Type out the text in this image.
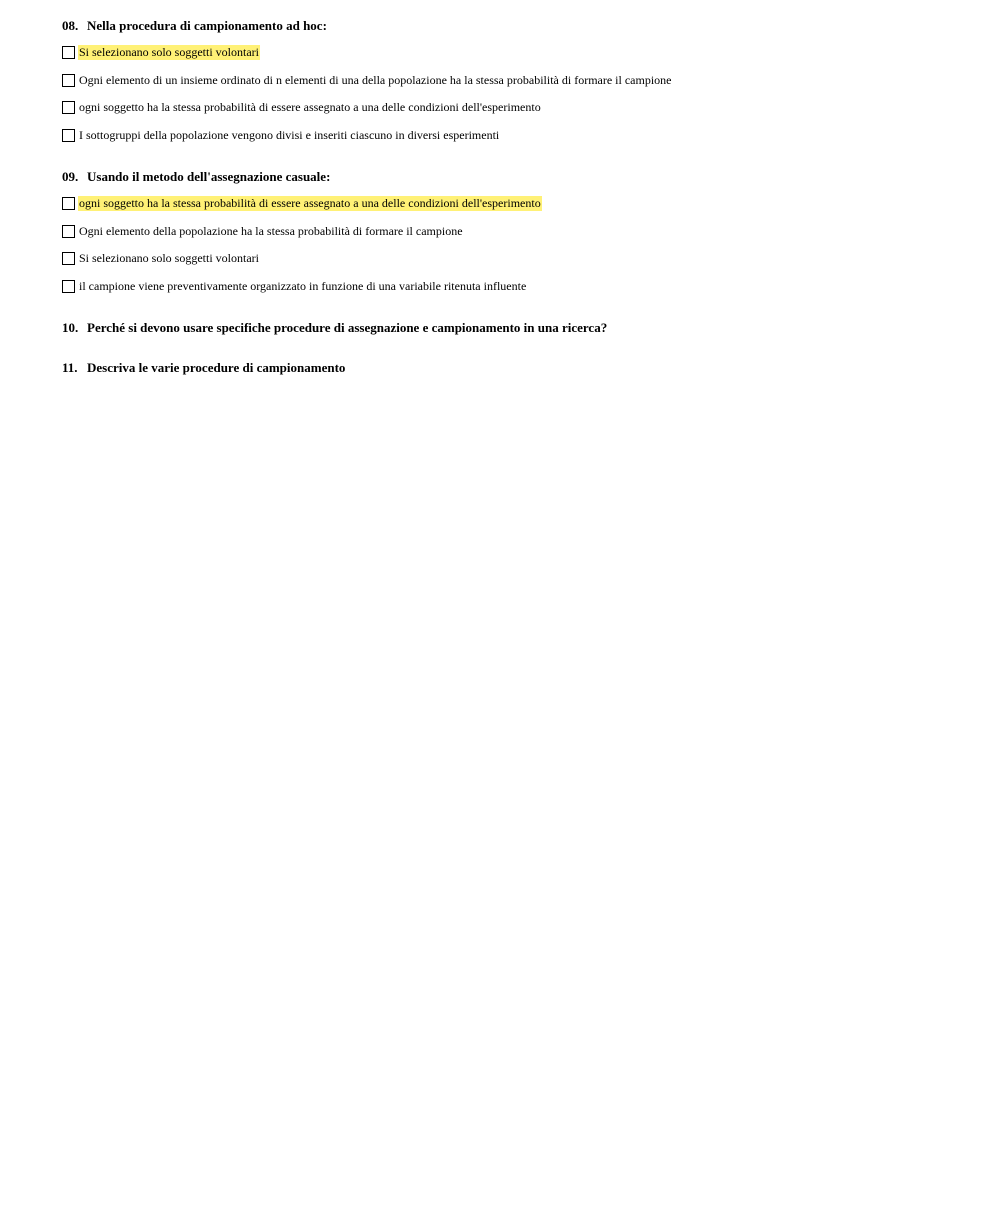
08. Nella procedura di campionamento ad hoc:
Si selezionano solo soggetti volontari
Ogni elemento di un insieme ordinato di n elementi di una della popolazione ha la stessa probabilità di formare il campione
ogni soggetto ha la stessa probabilità di essere assegnato a una delle condizioni dell'esperimento
I sottogruppi della popolazione vengono divisi e inseriti ciascuno in diversi esperimenti
09. Usando il metodo dell'assegnazione casuale:
ogni soggetto ha la stessa probabilità di essere assegnato a una delle condizioni dell'esperimento
Ogni elemento della popolazione ha la stessa probabilità di formare il campione
Si selezionano solo soggetti volontari
il campione viene preventivamente organizzato in funzione di una variabile ritenuta influente
10. Perché si devono usare specifiche procedure di assegnazione e campionamento in una ricerca?
11. Descriva le varie procedure di campionamento
